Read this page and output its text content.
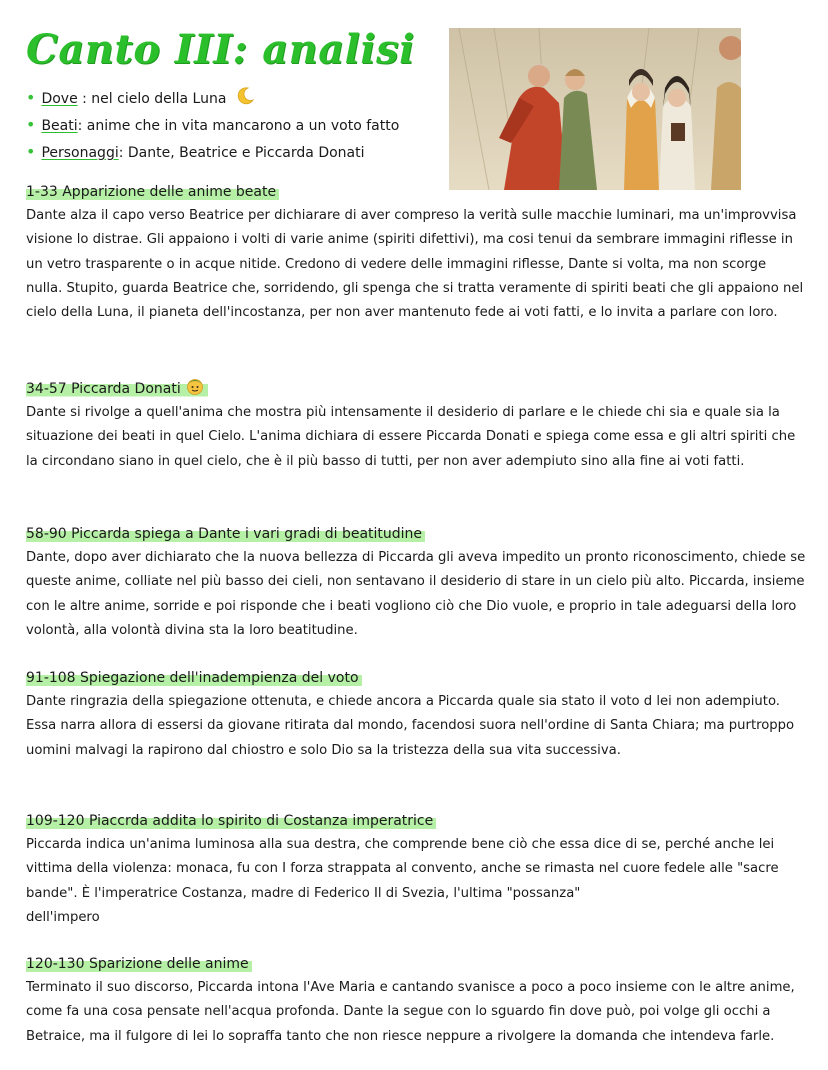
Canto III: analisi
• Dove : nel cielo della Luna
• Beati: anime che in vita mancarono a un voto fatto
• Personaggi: Dante, Beatrice e Piccarda Donati
1-33 Apparizione delle anime beate

Dante alza il capo verso Beatrice per dichiarare di aver compreso la verità sulle macchie luminari, ma un'improvvisa visione lo distrae. Gli appaiono i volti di varie anime (spiriti difettivi), ma cosi tenui da sembrare immagini riflesse in un vetro trasparente o in acque nitide. Credono di vedere delle immagini riflesse, Dante si volta, ma non scorge nulla. Stupito, guarda Beatrice che, sorridendo, gli spenga che si tratta veramente di spiriti beati che gli appaiono nel cielo della Luna, il pianeta dell'incostanza, per non aver mantenuto fede ai voti fatti, e lo invita a parlare con loro.

34-57 Piccarda Donati

Dante si rivolge a quell'anima che mostra più intensamente il desiderio di parlare e le chiede chi sia e quale sia la situazione dei beati in quel Cielo. L'anima dichiara di essere Piccarda Donati e spiega come essa e gli altri spiriti che la circondano siano in quel cielo, che è il più basso di tutti, per non aver adempiuto sino alla fine ai voti fatti.

58-90 Piccarda spiega a Dante i vari gradi di beatitudine

Dante, dopo aver dichiarato che la nuova bellezza di Piccarda gli aveva impedito un pronto riconoscimento, chiede se queste anime, colliate nel più basso dei cieli, non sentavano il desiderio di stare in un cielo più alto. Piccarda, insieme con le altre anime, sorride e poi risponde che i beati vogliono ciò che Dio vuole, e proprio in tale adeguarsi della loro volontà, alla volontà divina sta la loro beatitudine.

91-108 Spiegazione dell'inadempienza del voto

Dante ringrazia della spiegazione ottenuta, e chiede ancora a Piccarda quale sia stato il voto d lei non adempiuto. Essa narra allora di essersi da giovane ritirata dal mondo, facendosi suora nell'ordine di Santa Chiara; ma purtroppo uomini malvagi la rapirono dal chiostro e solo Dio sa la tristezza della sua vita successiva.

109-120 Piaccrda addita lo spirito di Costanza imperatrice

Piccarda indica un'anima luminosa alla sua destra, che comprende bene ciò che essa dice di se, perché anche lei vittima della violenza: monaca, fu con I forza strappata al convento, anche se rimasta nel cuore fedele alle "sacre bande". È l'imperatrice Costanza, madre di Federico Il di Svezia, l'ultima "possanza"

dell'impero

120-130 Sparizione delle anime

Terminato il suo discorso, Piccarda intona l'Ave Maria e cantando svanisce a poco a poco insieme con le altre anime, come fa una cosa pensate nell'acqua profonda. Dante la segue con lo sguardo fin dove può, poi volge gli occhi a Betraice, ma il fulgore di lei lo sopraffa tanto che non riesce neppure a rivolgere la domanda che intendeva farle.
